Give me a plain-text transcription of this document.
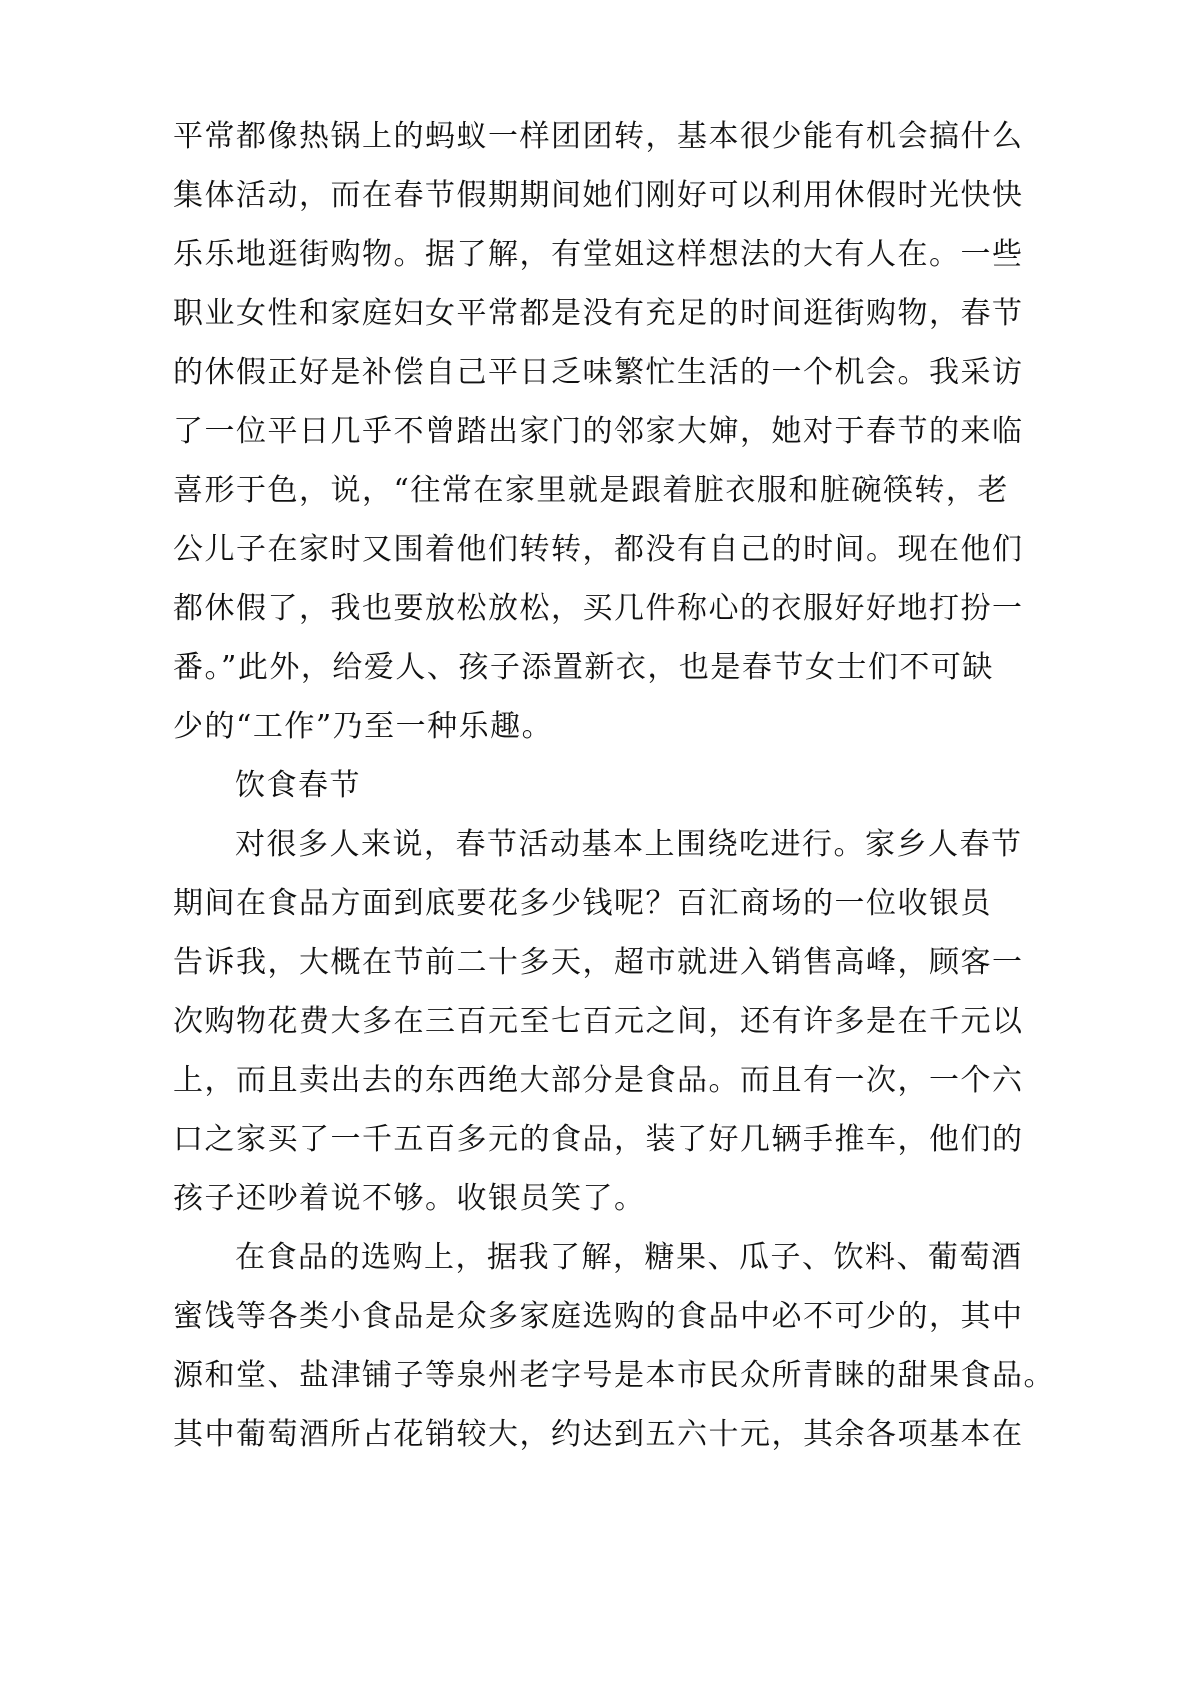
平常都像热锅上的蚂蚁一样团团转，基本很少能有机会搞什么
集体活动，而在春节假期期间她们刚好可以利用休假时光快快
乐乐地逛街购物。据了解，有堂姐这样想法的大有人在。一些
职业女性和家庭妇女平常都是没有充足的时间逛街购物，春节
的休假正好是补偿自己平日乏味繁忙生活的一个机会。我采访
了一位平日几乎不曾踏出家门的邻家大婶，她对于春节的来临
喜形于色，说，“往常在家里就是跟着脏衣服和脏碗筷转，老
公儿子在家时又围着他们转转，都没有自己的时间。现在他们
都休假了，我也要放松放松，买几件称心的衣服好好地打扮一
番。”此外，给爱人、孩子添置新衣，也是春节女士们不可缺
少的“工作”乃至一种乐趣。
饮食春节
对很多人来说，春节活动基本上围绕吃进行。家乡人春节
期间在食品方面到底要花多少钱呢？百汇商场的一位收银员
告诉我，大概在节前二十多天，超市就进入销售高峰，顾客一
次购物花费大多在三百元至七百元之间，还有许多是在千元以
上，而且卖出去的东西绝大部分是食品。而且有一次，一个六
口之家买了一千五百多元的食品，装了好几辆手推车，他们的
孩子还吵着说不够。收银员笑了。
在食品的选购上，据我了解，糖果、瓜子、饮料、葡萄酒
蜜饯等各类小食品是众多家庭选购的食品中必不可少的，其中
源和堂、盐津铺子等泉州老字号是本市民众所青睐的甜果食品。
其中葡萄酒所占花销较大，约达到五六十元，其余各项基本在
